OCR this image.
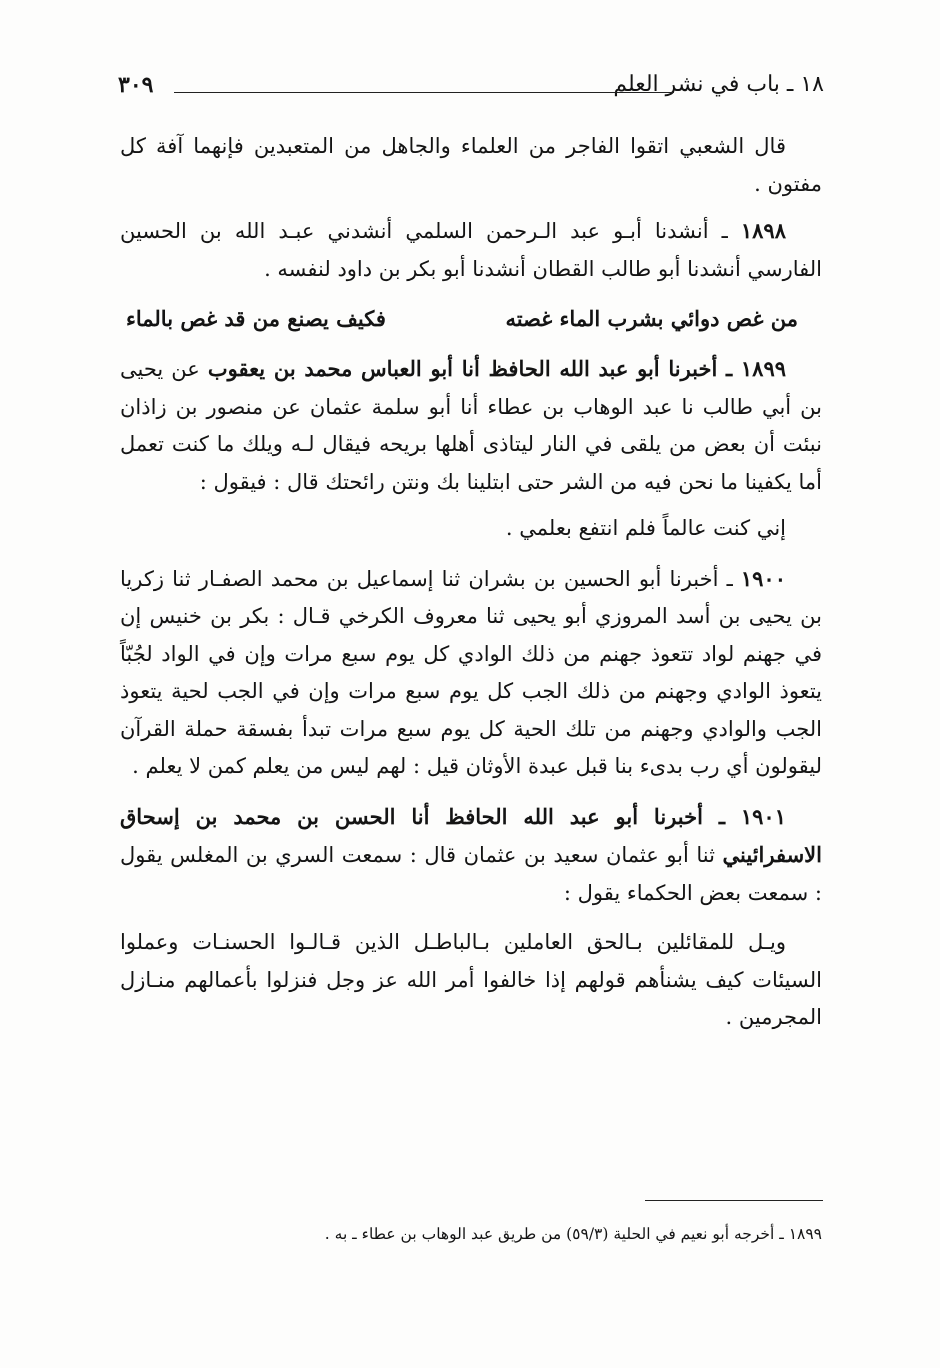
١٨ ـ باب في نشر العلم
٣٠٩

قال الشعبي اتقوا الفاجر من العلماء والجاهل من المتعبدين فإنهما آفة كل مفتون .

١٨٩٨ ـ أنشدنا أبـو عبد الـرحمن السلمي أنشدني عبـد الله بن الحسين الفارسي أنشدنا أبو طالب القطان أنشدنا أبو بكر بن داود لنفسه .

من غص دوائي بشرب الماء غصته
فكيف يصنع من قد غص بالماء

١٨٩٩ ـ أخبرنا أبو عبد الله الحافظ أنا أبو العباس محمد بن يعقوب عن يحيى بن أبي طالب نا عبد الوهاب بن عطاء أنا أبو سلمة عثمان عن منصور بن زاذان نبئت أن بعض من يلقى في النار ليتاذى أهلها بريحه فيقال لـه ويلك ما كنت تعمل أما يكفينا ما نحن فيه من الشر حتى ابتلينا بك ونتن رائحتك قال : فيقول :

إني كنت عالماً فلم انتفع بعلمي .

١٩٠٠ ـ أخبرنا أبو الحسين بن بشران ثنا إسماعيل بن محمد الصفـار ثنا زكريا بن يحيى بن أسد المروزي أبو يحيى ثنا معروف الكرخي قـال : بكر بن خنيس إن في جهنم لواد تتعوذ جهنم من ذلك الوادي كل يوم سبع مرات وإن في الواد لجُبّاً يتعوذ الوادي وجهنم من ذلك الجب كل يوم سبع مرات وإن في الجب لحية يتعوذ الجب والوادي وجهنم من تلك الحية كل يوم سبع مرات تبدأ بفسقة حملة القرآن ليقولون أي رب بدىء بنا قبل عبدة الأوثان قيل : لهم ليس من يعلم كمن لا يعلم .

١٩٠١ ـ أخبرنا أبو عبد الله الحافظ أنا الحسن بن محمد بن إسحاق الاسفرائيني ثنا أبو عثمان سعيد بن عثمان قال : سمعت السري بن المغلس يقول : سمعت بعض الحكماء يقول :

ويـل للمقائلين بـالحق العاملين بـالباطـل الذين قـالـوا الحسنـات وعملوا السيئات كيف يشنأهم قولهم إذا خالفوا أمر الله عز وجل فنزلوا بأعمالهم منـازل المجرمين .

١٨٩٩ ـ أخرجه أبو نعيم في الحلية (٥٩/٣) من طريق عبد الوهاب بن عطاء ـ به .
